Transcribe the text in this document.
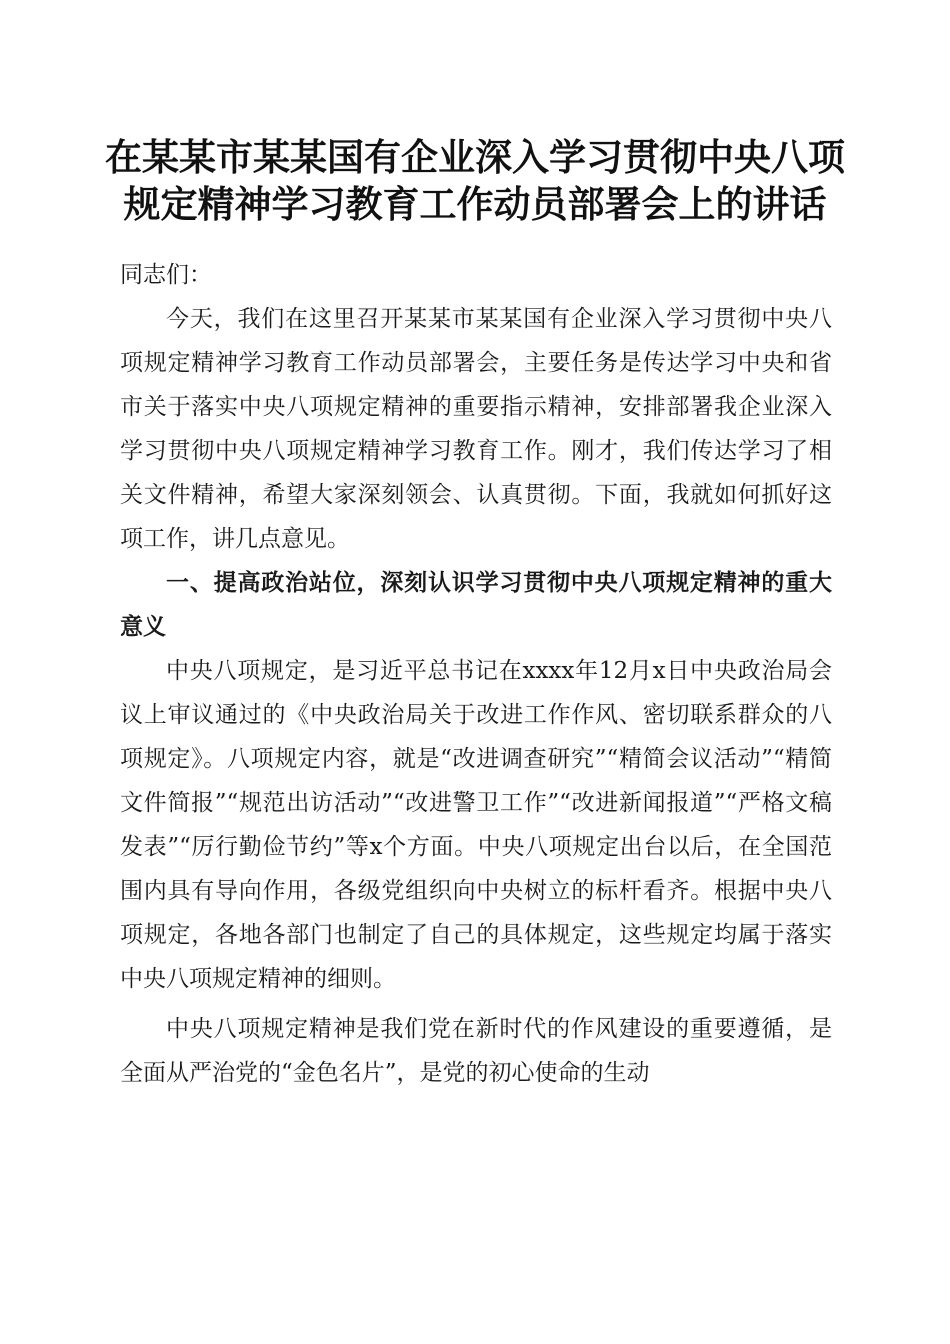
在某某市某某国有企业深入学习贯彻中央八项
规定精神学习教育工作动员部署会上的讲话

同志们：

今天，我们在这里召开某某市某某国有企业深入学习贯彻中央八项规定精神学习教育工作动员部署会，主要任务是传达学习中央和省市关于落实中央八项规定精神的重要指示精神，安排部署我企业深入学习贯彻中央八项规定精神学习教育工作。刚才，我们传达学习了相关文件精神，希望大家深刻领会、认真贯彻。下面，我就如何抓好这项工作，讲几点意见。

一、提高政治站位，深刻认识学习贯彻中央八项规定精神的重大意义

中央八项规定，是习近平总书记在xxxx年12月x日中央政治局会议上审议通过的《中央政治局关于改进工作作风、密切联系群众的八项规定》。八项规定内容，就是“改进调查研究”“精简会议活动”“精简文件简报”“规范出访活动”“改进警卫工作”“改进新闻报道”“严格文稿发表”“厉行勤俭节约”等x个方面。中央八项规定出台以后，在全国范围内具有导向作用，各级党组织向中央树立的标杆看齐。根据中央八项规定，各地各部门也制定了自己的具体规定，这些规定均属于落实中央八项规定精神的细则。

中央八项规定精神是我们党在新时代的作风建设的重要遵循，是全面从严治党的“金色名片”，是党的初心使命的生动
